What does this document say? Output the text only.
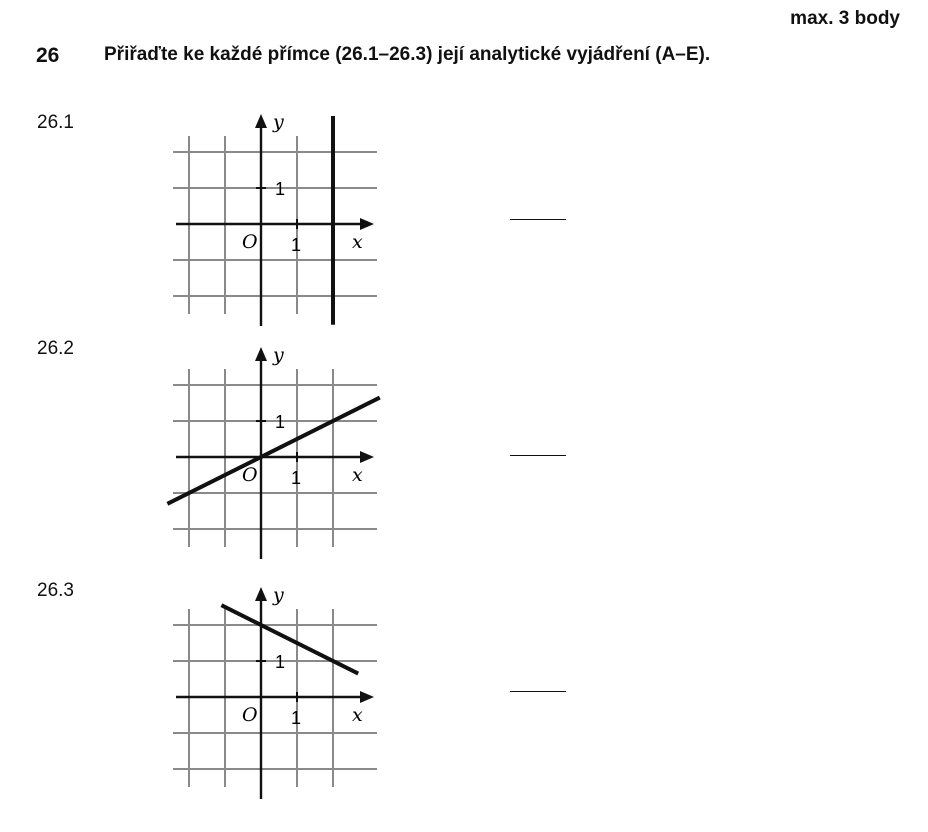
max. 3 body
26 Přiřaďte ke každé přímce (26.1–26.3) její analytické vyjádření (A–E).
26.1	y
x
O
1
1
26.2	y
x
O
1
1
26.3	y
x
O
1
1
